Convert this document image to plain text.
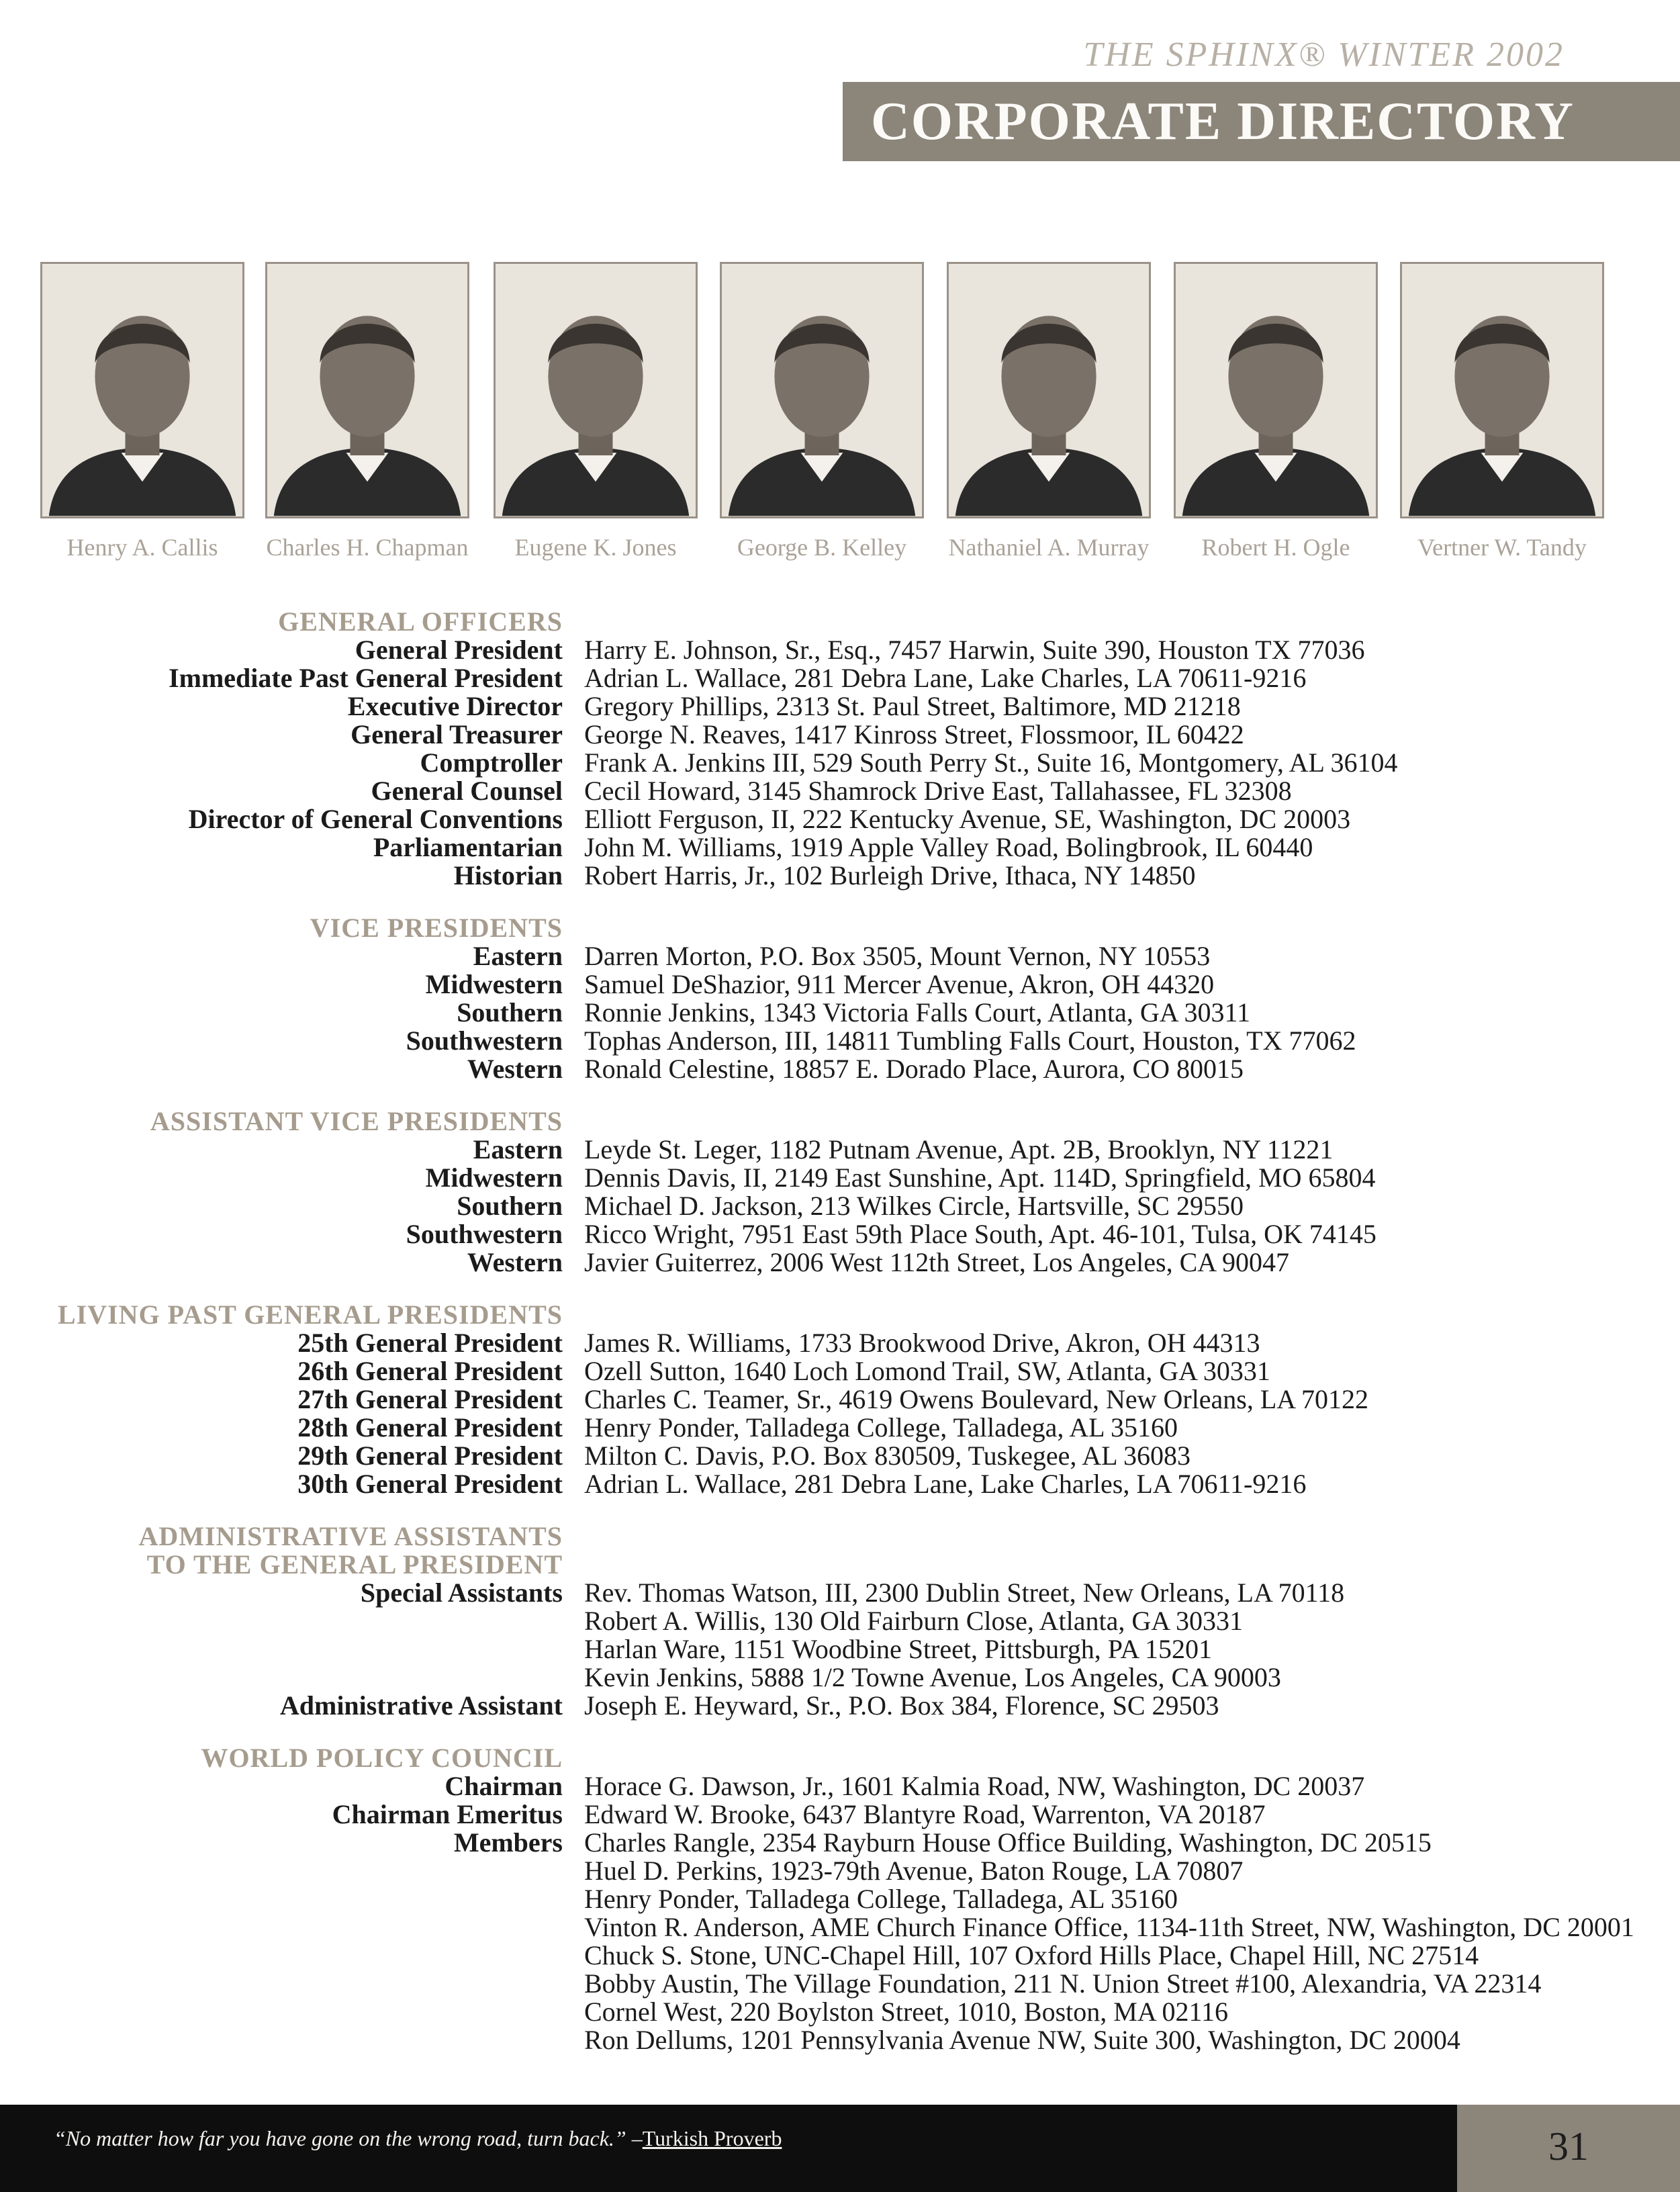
THE SPHINX® WINTER 2002
CORPORATE DIRECTORY
Henry A. Callis	Charles H. Chapman	Eugene K. Jones	George B. Kelley	Nathaniel A. Murray	Robert H. Ogle	Vertner W. Tandy
GENERAL OFFICERS
General President Harry E. Johnson, Sr., Esq., 7457 Harwin, Suite 390, Houston TX 77036
Immediate Past General President Adrian L. Wallace, 281 Debra Lane, Lake Charles, LA 70611-9216
Executive Director Gregory Phillips, 2313 St. Paul Street, Baltimore, MD 21218
General Treasurer George N. Reaves, 1417 Kinross Street, Flossmoor, IL 60422
Comptroller Frank A. Jenkins III, 529 South Perry St., Suite 16, Montgomery, AL 36104
General Counsel Cecil Howard, 3145 Shamrock Drive East, Tallahassee, FL 32308
Director of General Conventions Elliott Ferguson, II, 222 Kentucky Avenue, SE, Washington, DC 20003
Parliamentarian John M. Williams, 1919 Apple Valley Road, Bolingbrook, IL 60440
Historian Robert Harris, Jr., 102 Burleigh Drive, Ithaca, NY 14850
VICE PRESIDENTS
Eastern Darren Morton, P.O. Box 3505, Mount Vernon, NY 10553
Midwestern Samuel DeShazior, 911 Mercer Avenue, Akron, OH 44320
Southern Ronnie Jenkins, 1343 Victoria Falls Court, Atlanta, GA 30311
Southwestern Tophas Anderson, III, 14811 Tumbling Falls Court, Houston, TX 77062
Western Ronald Celestine, 18857 E. Dorado Place, Aurora, CO 80015
ASSISTANT VICE PRESIDENTS
Eastern Leyde St. Leger, 1182 Putnam Avenue, Apt. 2B, Brooklyn, NY 11221
Midwestern Dennis Davis, II, 2149 East Sunshine, Apt. 114D, Springfield, MO 65804
Southern Michael D. Jackson, 213 Wilkes Circle, Hartsville, SC 29550
Southwestern Ricco Wright, 7951 East 59th Place South, Apt. 46-101, Tulsa, OK 74145
Western Javier Guiterrez, 2006 West 112th Street, Los Angeles, CA 90047
LIVING PAST GENERAL PRESIDENTS
25th General President James R. Williams, 1733 Brookwood Drive, Akron, OH 44313
26th General President Ozell Sutton, 1640 Loch Lomond Trail, SW, Atlanta, GA 30331
27th General President Charles C. Teamer, Sr., 4619 Owens Boulevard, New Orleans, LA 70122
28th General President Henry Ponder, Talladega College, Talladega, AL 35160
29th General President Milton C. Davis, P.O. Box 830509, Tuskegee, AL 36083
30th General President Adrian L. Wallace, 281 Debra Lane, Lake Charles, LA 70611-9216
ADMINISTRATIVE ASSISTANTS
TO THE GENERAL PRESIDENT
Special Assistants Rev. Thomas Watson, III, 2300 Dublin Street, New Orleans, LA 70118
Robert A. Willis, 130 Old Fairburn Close, Atlanta, GA 30331
Harlan Ware, 1151 Woodbine Street, Pittsburgh, PA 15201
Kevin Jenkins, 5888 1/2 Towne Avenue, Los Angeles, CA 90003
Administrative Assistant Joseph E. Heyward, Sr., P.O. Box 384, Florence, SC 29503
WORLD POLICY COUNCIL
Chairman Horace G. Dawson, Jr., 1601 Kalmia Road, NW, Washington, DC 20037
Chairman Emeritus Edward W. Brooke, 6437 Blantyre Road, Warrenton, VA 20187
Members Charles Rangle, 2354 Rayburn House Office Building, Washington, DC 20515
Huel D. Perkins, 1923-79th Avenue, Baton Rouge, LA 70807
Henry Ponder, Talladega College, Talladega, AL 35160
Vinton R. Anderson, AME Church Finance Office, 1134-11th Street, NW, Washington, DC 20001
Chuck S. Stone, UNC-Chapel Hill, 107 Oxford Hills Place, Chapel Hill, NC 27514
Bobby Austin, The Village Foundation, 211 N. Union Street #100, Alexandria, VA 22314
Cornel West, 220 Boylston Street, 1010, Boston, MA 02116
Ron Dellums, 1201 Pennsylvania Avenue NW, Suite 300, Washington, DC 20004
“No matter how far you have gone on the wrong road, turn back.” –Turkish Proverb	31
